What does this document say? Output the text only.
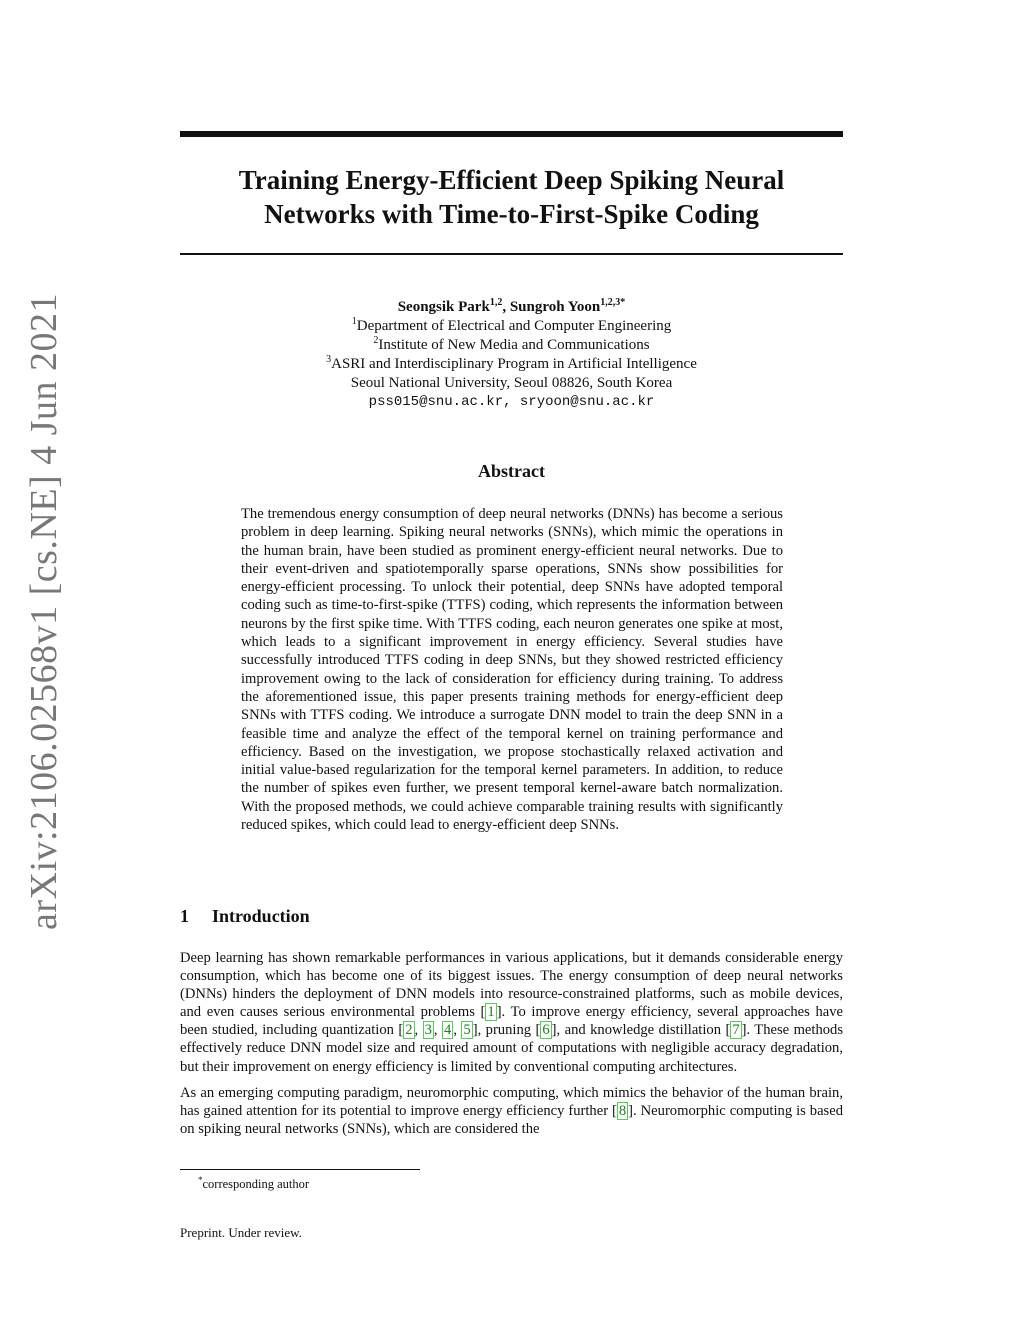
arXiv:2106.02568v1 [cs.NE] 4 Jun 2021
Training Energy-Efficient Deep Spiking Neural
Networks with Time-to-First-Spike Coding
Seongsik Park$^{1,2}$, Sungroh Yoon$^{1,2,3*}$
$^1$Department of Electrical and Computer Engineering
$^2$Institute of New Media and Communications
$^3$ASRI and Interdisciplinary Program in Artificial Intelligence
Seoul National University, Seoul 08826, South Korea
pss015@snu.ac.kr, sryoon@snu.ac.kr
Abstract

The tremendous energy consumption of deep neural networks (DNNs) has become a serious problem in deep learning. Spiking neural networks (SNNs), which mimic the operations in the human brain, have been studied as prominent energy-efficient neural networks. Due to their event-driven and spatiotemporally sparse operations, SNNs show possibilities for energy-efficient processing. To unlock their potential, deep SNNs have adopted temporal coding such as time-to-first-spike (TTFS) coding, which represents the information between neurons by the first spike time. With TTFS coding, each neuron generates one spike at most, which leads to a significant improvement in energy efficiency. Several studies have successfully introduced TTFS coding in deep SNNs, but they showed restricted efficiency improvement owing to the lack of consideration for efficiency during training. To address the aforementioned issue, this paper presents training methods for energy-efficient deep SNNs with TTFS coding. We introduce a surrogate DNN model to train the deep SNN in a feasible time and analyze the effect of the temporal kernel on training performance and efficiency. Based on the investigation, we propose stochastically relaxed activation and initial value-based regularization for the temporal kernel parameters. In addition, to reduce the number of spikes even further, we present temporal kernel-aware batch normalization. With the proposed methods, we could achieve comparable training results with significantly reduced spikes, which could lead to energy-efficient deep SNNs.

1 Introduction

Deep learning has shown remarkable performances in various applications, but it demands considerable energy consumption, which has become one of its biggest issues. The energy consumption of deep neural networks (DNNs) hinders the deployment of DNN models into resource-constrained platforms, such as mobile devices, and even causes serious environmental problems [ 1 ]. To improve energy efficiency, several approaches have been studied, including quantization [ 2 , 3 , 4 , 5 ], pruning [ 6 ], and knowledge distillation [ 7 ]. These methods effectively reduce DNN model size and required amount of computations with negligible accuracy degradation, but their improvement on energy efficiency is limited by conventional computing architectures.

As an emerging computing paradigm, neuromorphic computing, which mimics the behavior of the human brain, has gained attention for its potential to improve energy efficiency further [ 8 ]. Neuromorphic computing is based on spiking neural networks (SNNs), which are considered the

*corresponding author
Preprint. Under review.
